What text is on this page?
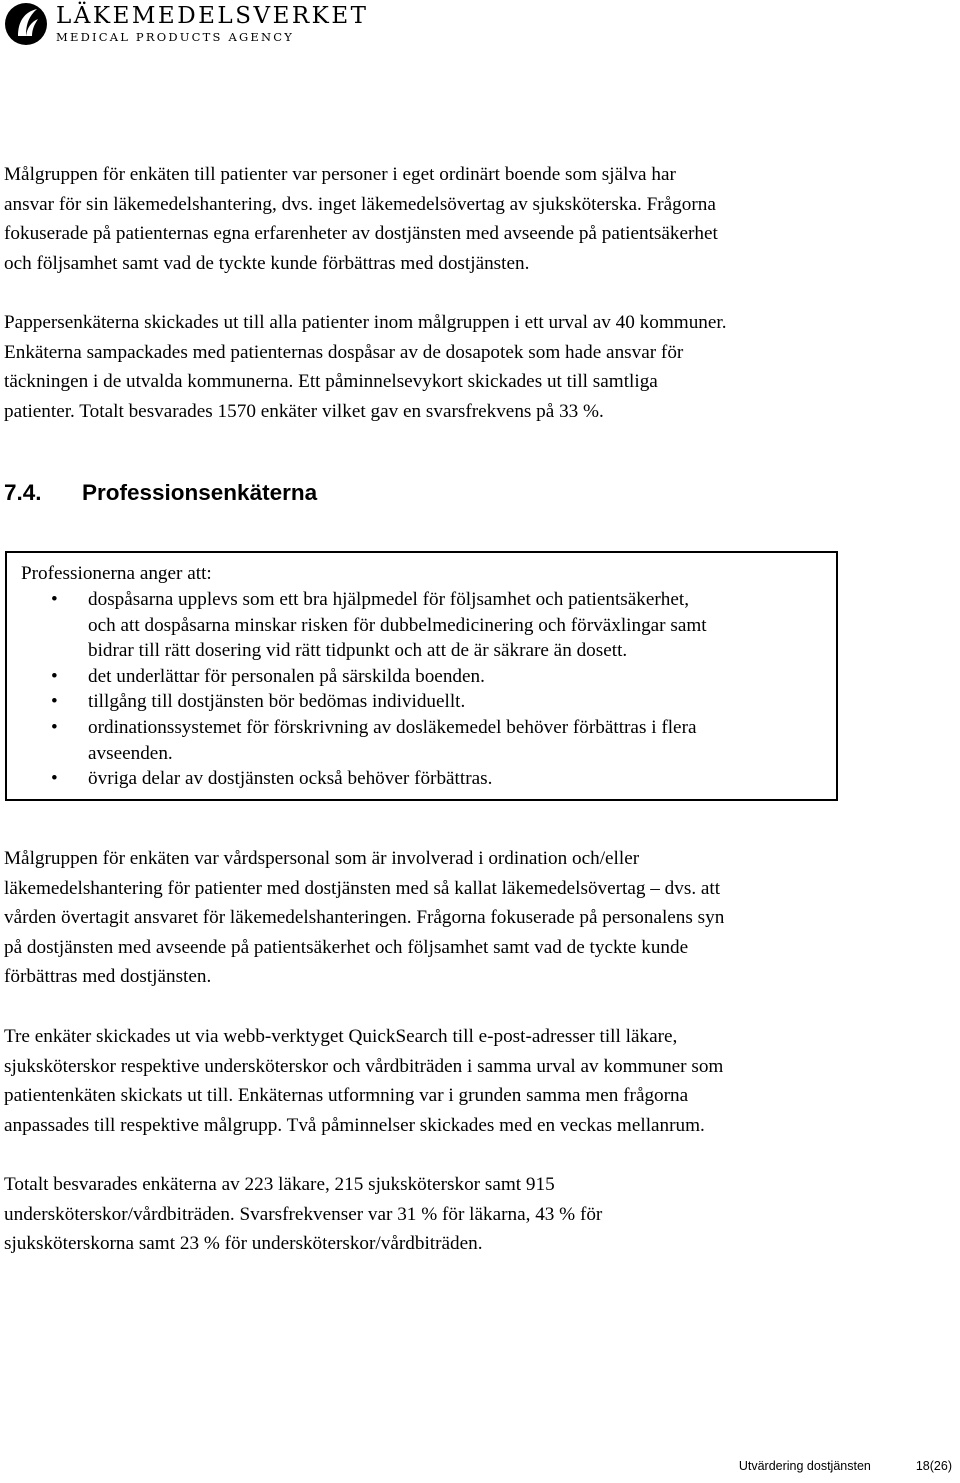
LÄKEMEDELSVERKET
MEDICAL PRODUCTS AGENCY

Målgruppen för enkäten till patienter var personer i eget ordinärt boende som själva har
ansvar för sin läkemedelshantering, dvs. inget läkemedelsövertag av sjuksköterska. Frågorna
fokuserade på patienternas egna erfarenheter av dostjänsten med avseende på patientsäkerhet
och följsamhet samt vad de tyckte kunde förbättras med dostjänsten.

Pappersenkäterna skickades ut till alla patienter inom målgruppen i ett urval av 40 kommuner.
Enkäterna sampackades med patienternas dospåsar av de dosapotek som hade ansvar för
täckningen i de utvalda kommunerna. Ett påminnelsevykort skickades ut till samtliga
patienter. Totalt besvarades 1570 enkäter vilket gav en svarsfrekvens på 33 %.

7.4. Professionsenkäterna

Professionerna anger att:

• dospåsarna upplevs som ett bra hjälpmedel för följsamhet och patientsäkerhet,
och att dospåsarna minskar risken för dubbelmedicinering och förväxlingar samt
bidrar till rätt dosering vid rätt tidpunkt och att de är säkrare än dosett.
• det underlättar för personalen på särskilda boenden.
• tillgång till dostjänsten bör bedömas individuellt.
• ordinationssystemet för förskrivning av dosläkemedel behöver förbättras i flera
avseenden.
• övriga delar av dostjänsten också behöver förbättras.

Målgruppen för enkäten var vårdspersonal som är involverad i ordination och/eller
läkemedelshantering för patienter med dostjänsten med så kallat läkemedelsövertag – dvs. att
vården övertagit ansvaret för läkemedelshanteringen. Frågorna fokuserade på personalens syn
på dostjänsten med avseende på patientsäkerhet och följsamhet samt vad de tyckte kunde
förbättras med dostjänsten.

Tre enkäter skickades ut via webb-verktyget QuickSearch till e-post-adresser till läkare,
sjuksköterskor respektive undersköterskor och vårdbiträden i samma urval av kommuner som
patientenkäten skickats ut till. Enkäternas utformning var i grunden samma men frågorna
anpassades till respektive målgrupp. Två påminnelser skickades med en veckas mellanrum.

Totalt besvarades enkäterna av 223 läkare, 215 sjuksköterskor samt 915
undersköterskor/vårdbiträden. Svarsfrekvenser var 31 % för läkarna, 43 % för
sjuksköterskorna samt 23 % för undersköterskor/vårdbiträden.

Utvärdering dostjänsten	18(26)
